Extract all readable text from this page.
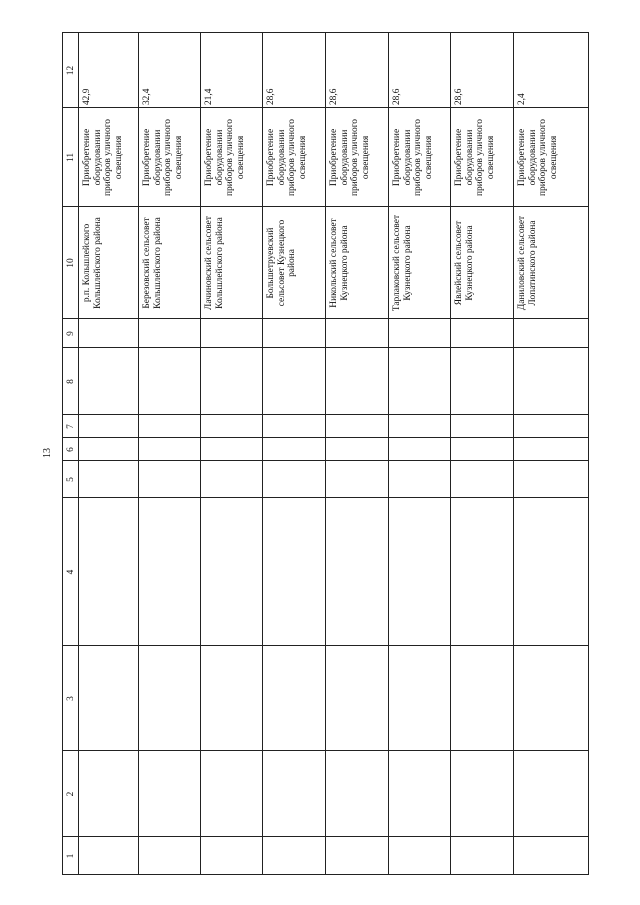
13
1
2
3
4
5
6
7
8
9
10
11
12
42,9
Приобретение оборудовании приборов уличного освещения
р.п. Кольшлейского Кольшлейского района
32,4
Приобретение оборудовании приборов уличного освещения
Березовский сельсовет Кольшлейского района
21,4
Приобретение оборудовании приборов уличного освещения
Лачиновский сельсовет Кольшлейского района
28,6
Приобретение оборудовании приборов уличного освещения
Большетруевский сельсовет Кузнецкого района
28,6
Приобретение оборудовании приборов уличного освещения
Никольский сельсовет Кузнецкого района
28,6
Приобретение оборудовании приборов уличного освещения
Тарлаковский сельсовет Кузнецкого района
28,6
Приобретение оборудовании приборов уличного освещения
Явлейский сельсовет Кузнецкого района
2,4
Приобретение оборудовании приборов уличного освещения
Даниловский сельсовет Лопатинского района
